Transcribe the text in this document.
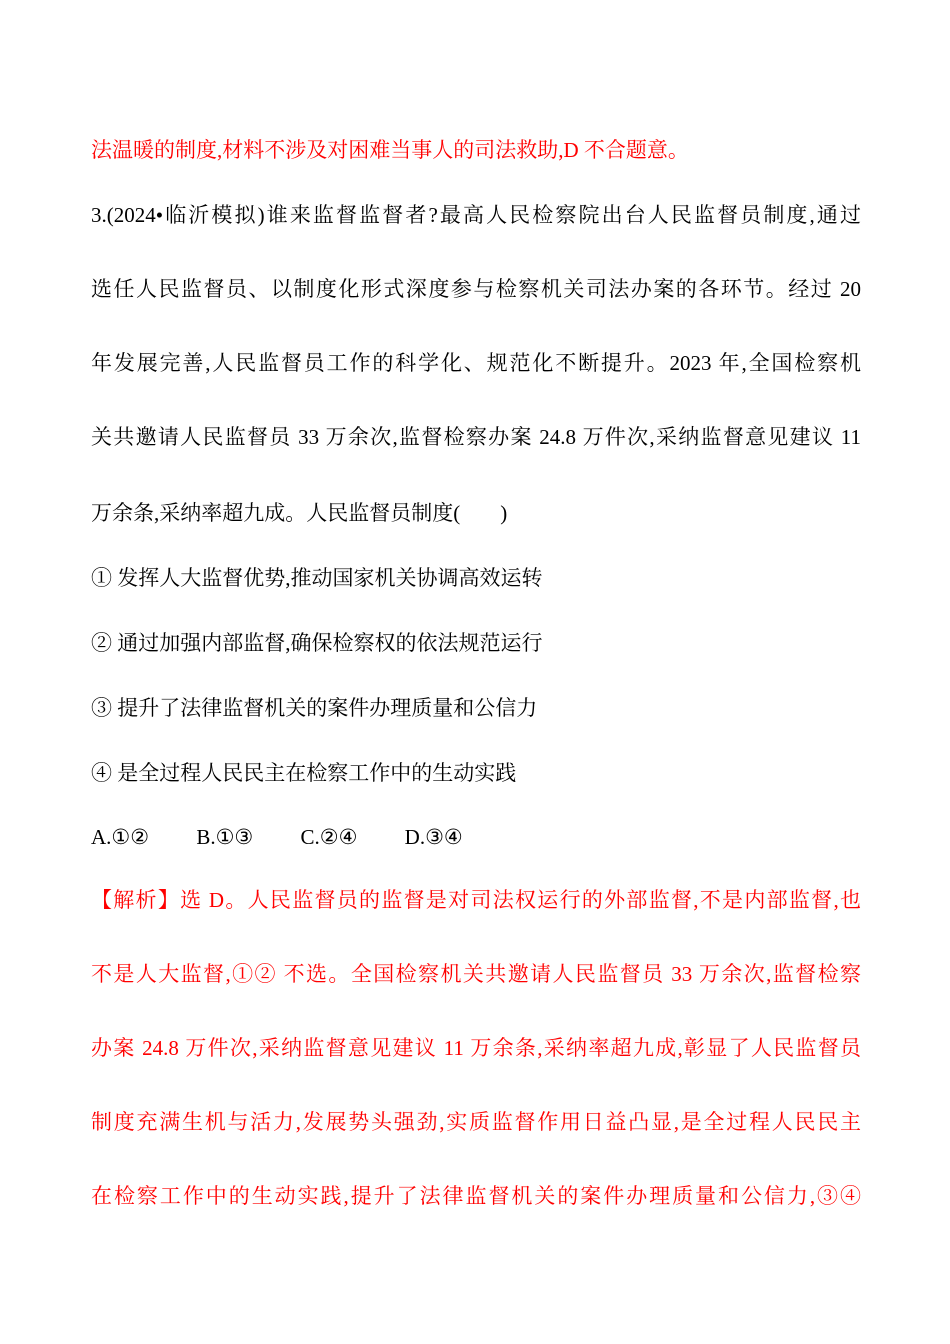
法温暖的制度,材料不涉及对困难当事人的司法救助,D 不合题意。
3.(2024•临沂模拟)谁来监督监督者?最高人民检察院出台人民监督员制度,通过
选任人民监督员、以制度化形式深度参与检察机关司法办案的各环节。经过 20
年发展完善,人民监督员工作的科学化、规范化不断提升。2023 年,全国检察机
关共邀请人民监督员 33 万余次,监督检察办案 24.8 万件次,采纳监督意见建议 11
万余条,采纳率超九成。人民监督员制度( )
① 发挥人大监督优势,推动国家机关协调高效运转
② 通过加强内部监督,确保检察权的依法规范运行
③ 提升了法律监督机关的案件办理质量和公信力
④ 是全过程人民民主在检察工作中的生动实践
A.①② B.①③ C.②④ D.③④
【解析】选 D。人民监督员的监督是对司法权运行的外部监督,不是内部监督,也
不是人大监督,①② 不选。全国检察机关共邀请人民监督员 33 万余次,监督检察
办案 24.8 万件次,采纳监督意见建议 11 万余条,采纳率超九成,彰显了人民监督员
制度充满生机与活力,发展势头强劲,实质监督作用日益凸显,是全过程人民民主
在检察工作中的生动实践,提升了法律监督机关的案件办理质量和公信力,③④
